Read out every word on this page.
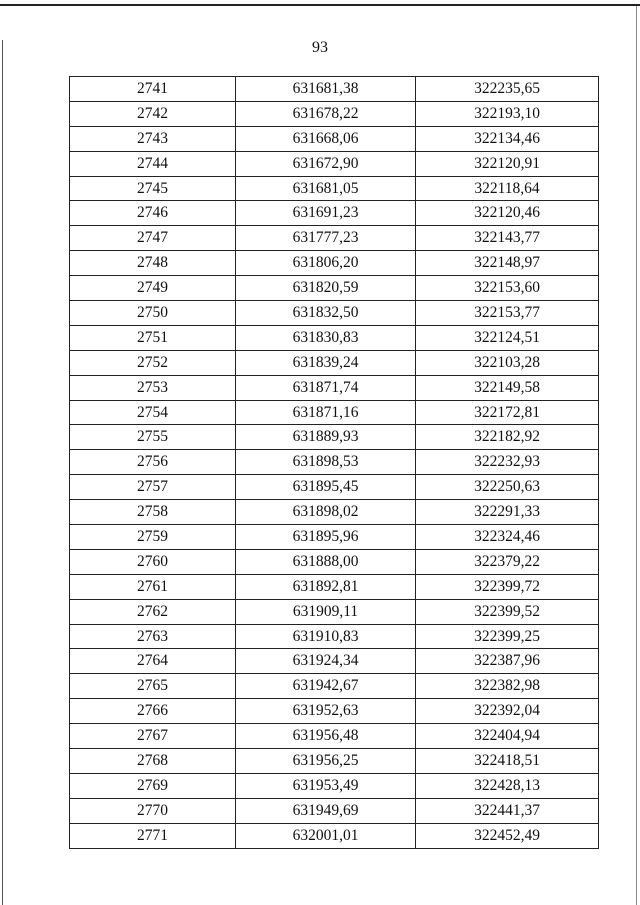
93
2741	631681,38	322235,65
2742	631678,22	322193,10
2743	631668,06	322134,46
2744	631672,90	322120,91
2745	631681,05	322118,64
2746	631691,23	322120,46
2747	631777,23	322143,77
2748	631806,20	322148,97
2749	631820,59	322153,60
2750	631832,50	322153,77
2751	631830,83	322124,51
2752	631839,24	322103,28
2753	631871,74	322149,58
2754	631871,16	322172,81
2755	631889,93	322182,92
2756	631898,53	322232,93
2757	631895,45	322250,63
2758	631898,02	322291,33
2759	631895,96	322324,46
2760	631888,00	322379,22
2761	631892,81	322399,72
2762	631909,11	322399,52
2763	631910,83	322399,25
2764	631924,34	322387,96
2765	631942,67	322382,98
2766	631952,63	322392,04
2767	631956,48	322404,94
2768	631956,25	322418,51
2769	631953,49	322428,13
2770	631949,69	322441,37
2771	632001,01	322452,49
